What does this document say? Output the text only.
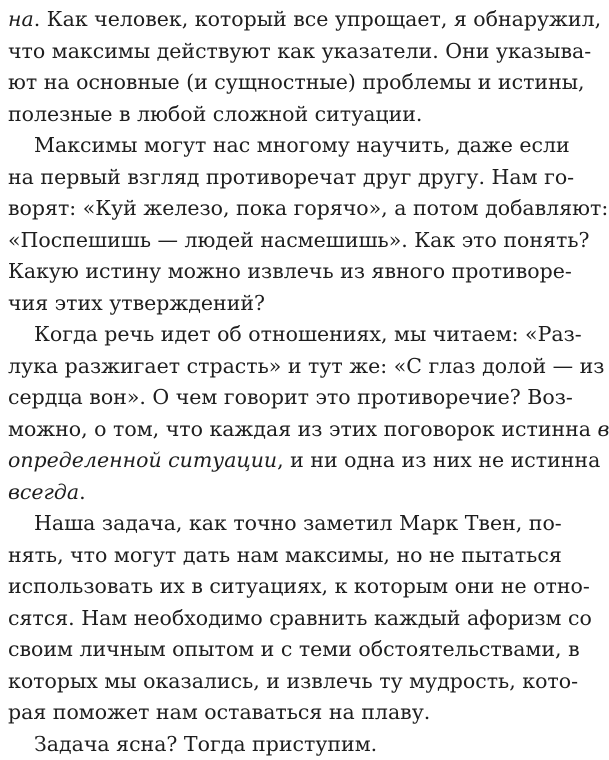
на. Как человек, который все упрощает, я обнаружил,
что максимы действуют как указатели. Они указыва-
ют на основные (и сущностные) проблемы и истины,
полезные в любой сложной ситуации.
Максимы могут нас многому научить, даже если
на первый взгляд противоречат друг другу. Нам го-
ворят: «Куй железо, пока горячо», а потом добавляют:
«Поспешишь — людей насмешишь». Как это понять?
Какую истину можно извлечь из явного противоре-
чия этих утверждений?
Когда речь идет об отношениях, мы читаем: «Раз-
лука разжигает страсть» и тут же: «С глаз долой — из
сердца вон». О чем говорит это противоречие? Воз-
можно, о том, что каждая из этих поговорок истинна в
определенной ситуации, и ни одна из них не истинна
всегда.
Наша задача, как точно заметил Марк Твен, по-
нять, что могут дать нам максимы, но не пытаться
использовать их в ситуациях, к которым они не отно-
сятся. Нам необходимо сравнить каждый афоризм со
своим личным опытом и с теми обстоятельствами, в
которых мы оказались, и извлечь ту мудрость, кото-
рая поможет нам оставаться на плаву.
Задача ясна? Тогда приступим.
